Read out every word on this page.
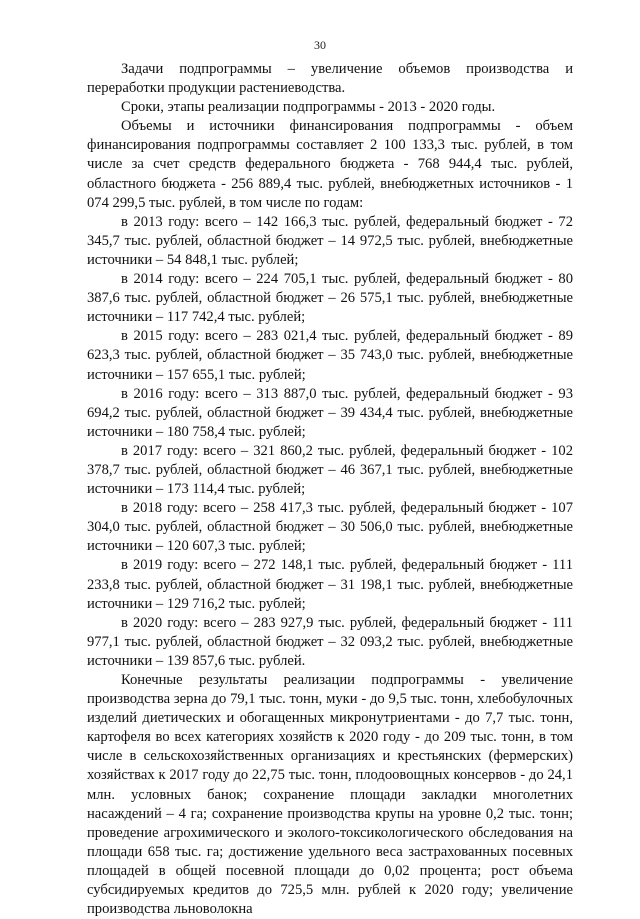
30

Задачи подпрограммы – увеличение объемов производства и переработки продукции растениеводства.

Сроки, этапы реализации подпрограммы - 2013 - 2020 годы.

Объемы и источники финансирования подпрограммы - объем финансирования подпрограммы составляет 2 100 133,3 тыс. рублей, в том числе за счет средств федерального бюджета - 768 944,4 тыс. рублей, областного бюджета - 256 889,4 тыс. рублей, внебюджетных источников - 1 074 299,5 тыс. рублей, в том числе по годам:

в 2013 году: всего – 142 166,3 тыс. рублей, федеральный бюджет - 72 345,7 тыс. рублей, областной бюджет – 14 972,5 тыс. рублей, внебюджетные источники – 54 848,1 тыс. рублей;

в 2014 году: всего – 224 705,1 тыс. рублей, федеральный бюджет - 80 387,6 тыс. рублей, областной бюджет – 26 575,1 тыс. рублей, внебюджетные источники – 117 742,4 тыс. рублей;

в 2015 году: всего – 283 021,4 тыс. рублей, федеральный бюджет - 89 623,3 тыс. рублей, областной бюджет – 35 743,0 тыс. рублей, внебюджетные источники – 157 655,1 тыс. рублей;

в 2016 году: всего – 313 887,0 тыс. рублей, федеральный бюджет - 93 694,2 тыс. рублей, областной бюджет – 39 434,4 тыс. рублей, внебюджетные источники – 180 758,4 тыс. рублей;

в 2017 году: всего – 321 860,2 тыс. рублей, федеральный бюджет - 102 378,7 тыс. рублей, областной бюджет – 46 367,1 тыс. рублей, внебюджетные источники – 173 114,4 тыс. рублей;

в 2018 году: всего – 258 417,3 тыс. рублей, федеральный бюджет - 107 304,0 тыс. рублей, областной бюджет – 30 506,0 тыс. рублей, внебюджетные источники – 120 607,3 тыс. рублей;

в 2019 году: всего – 272 148,1 тыс. рублей, федеральный бюджет - 111 233,8 тыс. рублей, областной бюджет – 31 198,1 тыс. рублей, внебюджетные источники – 129 716,2 тыс. рублей;

в 2020 году: всего – 283 927,9 тыс. рублей, федеральный бюджет - 111 977,1 тыс. рублей, областной бюджет – 32 093,2 тыс. рублей, внебюджетные источники – 139 857,6 тыс. рублей.

Конечные результаты реализации подпрограммы - увеличение производства зерна до 79,1 тыс. тонн, муки - до 9,5 тыс. тонн, хлебобулочных изделий диетических и обогащенных микронутриентами - до 7,7 тыс. тонн, картофеля во всех категориях хозяйств к 2020 году - до 209 тыс. тонн, в том числе в сельскохозяйственных организациях и крестьянских (фермерских) хозяйствах к 2017 году до 22,75 тыс. тонн, плодоовощных консервов - до 24,1 млн. условных банок; сохранение площади закладки многолетних насаждений – 4 га; сохранение производства крупы на уровне 0,2 тыс. тонн; проведение агрохимического и эколого-токсикологического обследования на площади 658 тыс. га; достижение удельного веса застрахованных посевных площадей в общей посевной площади до 0,02 процента; рост объема субсидируемых кредитов до 725,5 млн. рублей к 2020 году; увеличение производства льноволокна
